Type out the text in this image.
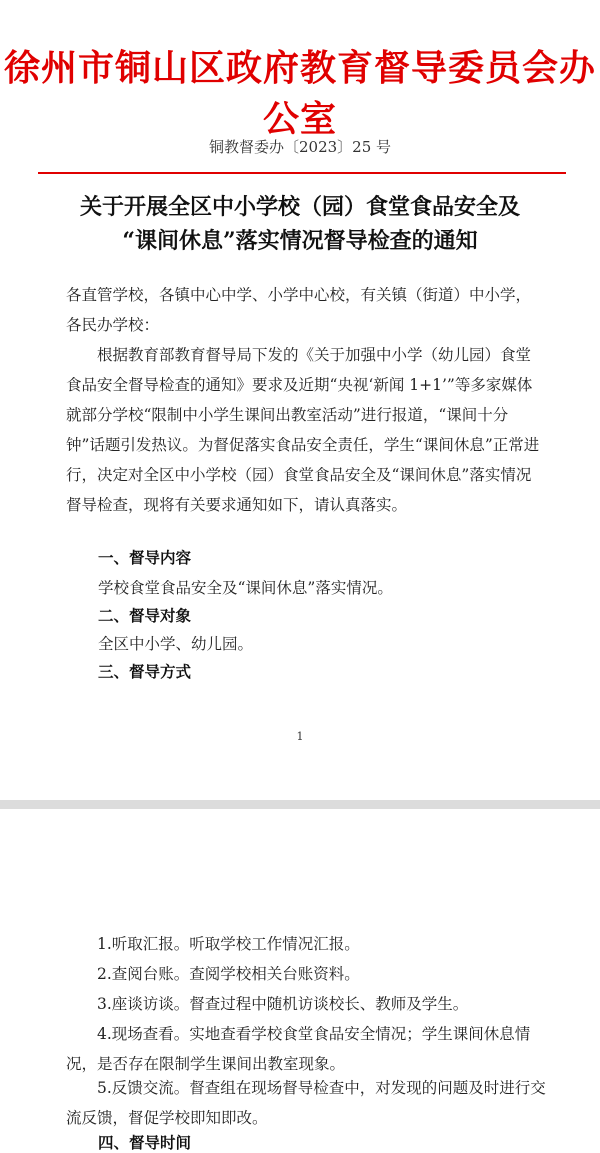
徐州市铜山区政府教育督导委员会办公室
铜教督委办〔2023〕25 号
关于开展全区中小学校（园）食堂食品安全及
“课间休息”落实情况督导检查的通知

各直管学校，各镇中心中学、小学中心校，有关镇（街道）中小学，各民办学校：

根据教育部教育督导局下发的《关于加强中小学（幼儿园）食堂食品安全督导检查的通知》要求及近期“央视‘新闻 1+1’”等多家媒体就部分学校“限制中小学生课间出教室活动”进行报道，“课间十分钟”话题引发热议。为督促落实食品安全责任，学生“课间休息”正常进行，决定对全区中小学校（园）食堂食品安全及“课间休息”落实情况督导检查，现将有关要求通知如下，请认真落实。

一、督导内容

学校食堂食品安全及“课间休息”落实情况。

二、督导对象

全区中小学、幼儿园。

三、督导方式

1

1.听取汇报。听取学校工作情况汇报。

2.查阅台账。查阅学校相关台账资料。

3.座谈访谈。督查过程中随机访谈校长、教师及学生。

4.现场查看。实地查看学校食堂食品安全情况；学生课间休息情况，是否存在限制学生课间出教室现象。

5.反馈交流。督查组在现场督导检查中，对发现的问题及时进行交流反馈，督促学校即知即改。

四、督导时间
